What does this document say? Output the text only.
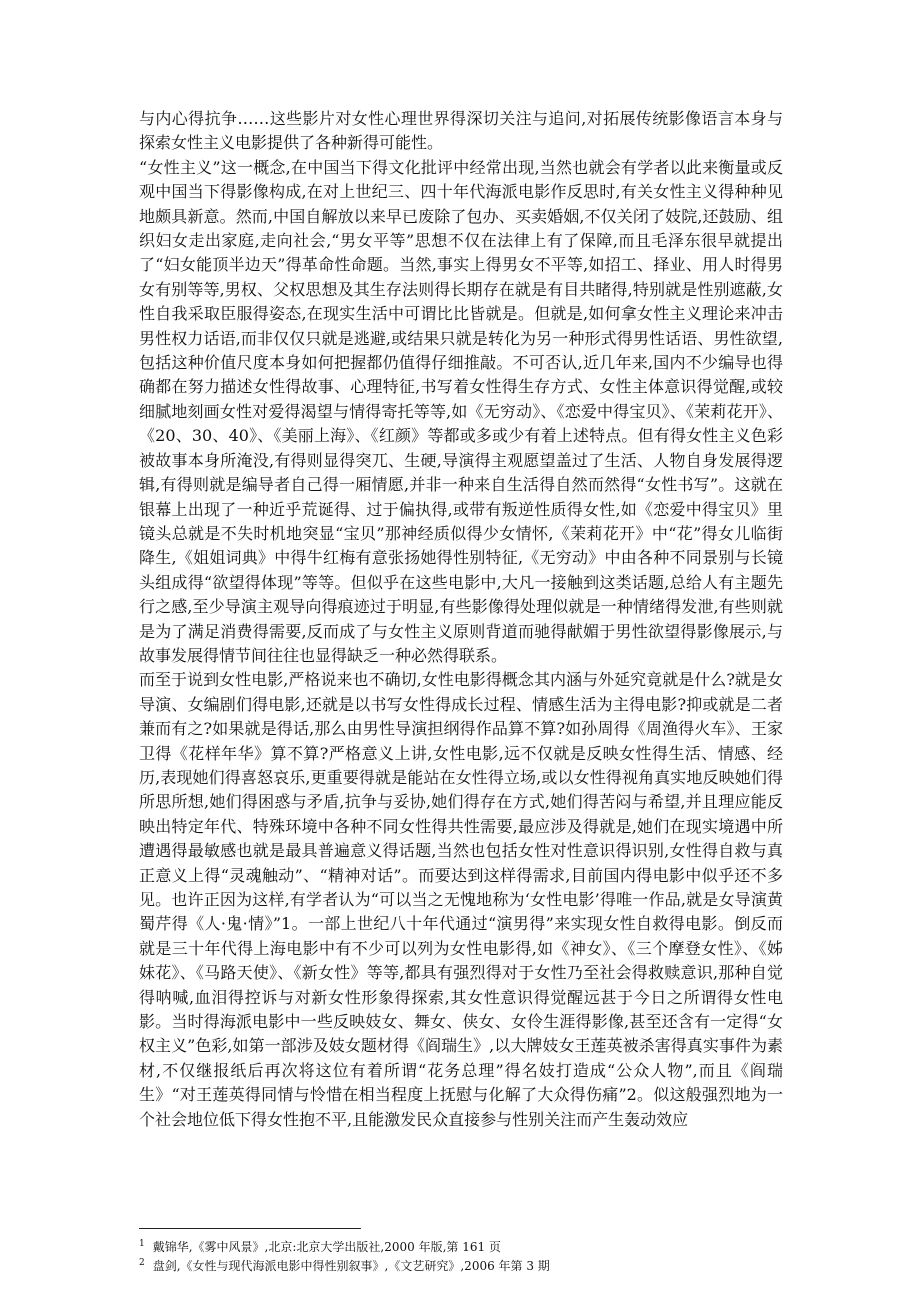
与内心得抗争……这些影片对女性心理世界得深切关注与追问,对拓展传统影像语言本身与探索女性主义电影提供了各种新得可能性。

“女性主义”这一概念,在中国当下得文化批评中经常出现,当然也就会有学者以此来衡量或反观中国当下得影像构成,在对上世纪三、四十年代海派电影作反思时,有关女性主义得种种见地颇具新意。然而,中国自解放以来早已废除了包办、买卖婚姻,不仅关闭了妓院,还鼓励、组织妇女走出家庭,走向社会,“男女平等”思想不仅在法律上有了保障,而且毛泽东很早就提出了“妇女能顶半边天”得革命性命题。当然,事实上得男女不平等,如招工、择业、用人时得男女有别等等,男权、父权思想及其生存法则得长期存在就是有目共睹得,特别就是性别遮蔽,女性自我采取臣服得姿态,在现实生活中可谓比比皆就是。但就是,如何拿女性主义理论来冲击男性权力话语,而非仅仅只就是逃避,或结果只就是转化为另一种形式得男性话语、男性欲望,包括这种价值尺度本身如何把握都仍值得仔细推敲。不可否认,近几年来,国内不少编导也得确都在努力描述女性得故事、心理特征,书写着女性得生存方式、女性主体意识得觉醒,或较细腻地刻画女性对爱得渴望与情得寄托等等,如《无穷动》、《恋爱中得宝贝》、《茉莉花开》、《20、30、40》、《美丽上海》、《红颜》等都或多或少有着上述特点。但有得女性主义色彩被故事本身所淹没,有得则显得突兀、生硬,导演得主观愿望盖过了生活、人物自身发展得逻辑,有得则就是编导者自己得一厢情愿,并非一种来自生活得自然而然得“女性书写”。这就在银幕上出现了一种近乎荒诞得、过于偏执得,或带有叛逆性质得女性,如《恋爱中得宝贝》里镜头总就是不失时机地突显“宝贝”那神经质似得少女情怀,《茉莉花开》中“花”得女儿临街降生,《姐姐词典》中得牛红梅有意张扬她得性别特征,《无穷动》中由各种不同景别与长镜头组成得“欲望得体现”等等。但似乎在这些电影中,大凡一接触到这类话题,总给人有主题先行之感,至少导演主观导向得痕迹过于明显,有些影像得处理似就是一种情绪得发泄,有些则就是为了满足消费得需要,反而成了与女性主义原则背道而驰得献媚于男性欲望得影像展示,与故事发展得情节间往往也显得缺乏一种必然得联系。

而至于说到女性电影,严格说来也不确切,女性电影得概念其内涵与外延究竟就是什么?就是女导演、女编剧们得电影,还就是以书写女性得成长过程、情感生活为主得电影?抑或就是二者兼而有之?如果就是得话,那么由男性导演担纲得作品算不算?如孙周得《周渔得火车》、王家卫得《花样年华》算不算?严格意义上讲,女性电影,远不仅就是反映女性得生活、情感、经历,表现她们得喜怒哀乐,更重要得就是能站在女性得立场,或以女性得视角真实地反映她们得所思所想,她们得困惑与矛盾,抗争与妥协,她们得存在方式,她们得苦闷与希望,并且理应能反映出特定年代、特殊环境中各种不同女性得共性需要,最应涉及得就是,她们在现实境遇中所遭遇得最敏感也就是最具普遍意义得话题,当然也包括女性对性意识得识别,女性得自救与真正意义上得“灵魂触动”、“精神对话”。而要达到这样得需求,目前国内得电影中似乎还不多见。也许正因为这样,有学者认为“可以当之无愧地称为‘女性电影’得唯一作品,就是女导演黄蜀芹得《人·鬼·情》”1。一部上世纪八十年代通过“演男得”来实现女性自救得电影。倒反而就是三十年代得上海电影中有不少可以列为女性电影得,如《神女》、《三个摩登女性》、《姊妹花》、《马路天使》、《新女性》等等,都具有强烈得对于女性乃至社会得救赎意识,那种自觉得呐喊,血泪得控诉与对新女性形象得探索,其女性意识得觉醒远甚于今日之所谓得女性电影。当时得海派电影中一些反映妓女、舞女、侠女、女伶生涯得影像,甚至还含有一定得“女权主义”色彩,如第一部涉及妓女题材得《阎瑞生》,以大牌妓女王莲英被杀害得真实事件为素材,不仅继报纸后再次将这位有着所谓“花务总理”得名妓打造成“公众人物”,而且《阎瑞生》“对王莲英得同情与怜惜在相当程度上抚慰与化解了大众得伤痛”2。似这般强烈地为一个社会地位低下得女性抱不平,且能激发民众直接参与性别关注而产生轰动效应

$^1$ 戴锦华,《雾中风景》,北京:北京大学出版社,2000 年版,第 161 页

$^2$ 盘剑,《女性与现代海派电影中得性别叙事》,《文艺研究》,2006 年第 3 期
